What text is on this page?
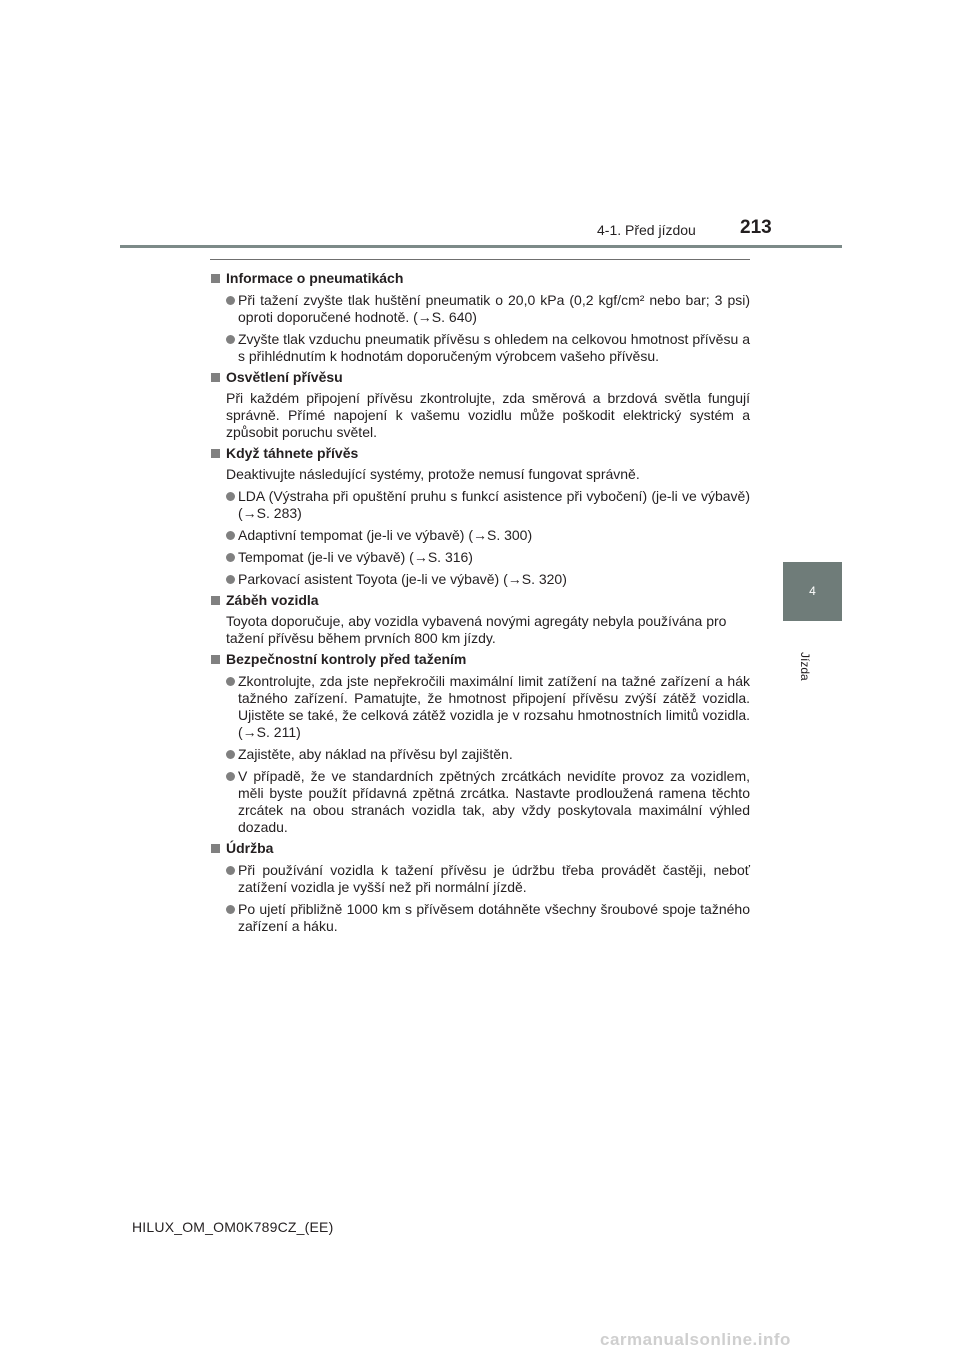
4-1. Před jízdou 213
4
Jízda
Informace o pneumatikách
Při tažení zvyšte tlak huštění pneumatik o 20,0 kPa (0,2 kgf/cm² nebo bar; 3 psi) oproti doporučené hodnotě. (→S. 640)
Zvyšte tlak vzduchu pneumatik přívěsu s ohledem na celkovou hmotnost přívěsu a s přihlédnutím k hodnotám doporučeným výrobcem vašeho přívěsu.
Osvětlení přívěsu
Při každém připojení přívěsu zkontrolujte, zda směrová a brzdová světla fungují správně. Přímé napojení k vašemu vozidlu může poškodit elektrický systém a způsobit poruchu světel.
Když táhnete přívěs
Deaktivujte následující systémy, protože nemusí fungovat správně.
LDA (Výstraha při opuštění pruhu s funkcí asistence při vybočení) (je-li ve výbavě) (→S. 283)
Adaptivní tempomat (je-li ve výbavě) (→S. 300)
Tempomat (je-li ve výbavě) (→S. 316)
Parkovací asistent Toyota (je-li ve výbavě) (→S. 320)
Záběh vozidla
Toyota doporučuje, aby vozidla vybavená novými agregáty nebyla používána pro tažení přívěsu během prvních 800 km jízdy.
Bezpečnostní kontroly před tažením
Zkontrolujte, zda jste nepřekročili maximální limit zatížení na tažné zařízení a hák tažného zařízení. Pamatujte, že hmotnost připojení přívěsu zvýší zátěž vozidla. Ujistěte se také, že celková zátěž vozidla je v rozsahu hmotnostních limitů vozidla. (→S. 211)
Zajistěte, aby náklad na přívěsu byl zajištěn.
V případě, že ve standardních zpětných zrcátkách nevidíte provoz za vozidlem, měli byste použít přídavná zpětná zrcátka. Nastavte prodloužená ramena těchto zrcátek na obou stranách vozidla tak, aby vždy poskytovala maximální výhled dozadu.
Údržba
Při používání vozidla k tažení přívěsu je údržbu třeba provádět častěji, neboť zatížení vozidla je vyšší než při normální jízdě.
Po ujetí přibližně 1000 km s přívěsem dotáhněte všechny šroubové spoje tažného zařízení a háku.
HILUX_OM_OM0K789CZ_(EE)
carmanualsonline.info
